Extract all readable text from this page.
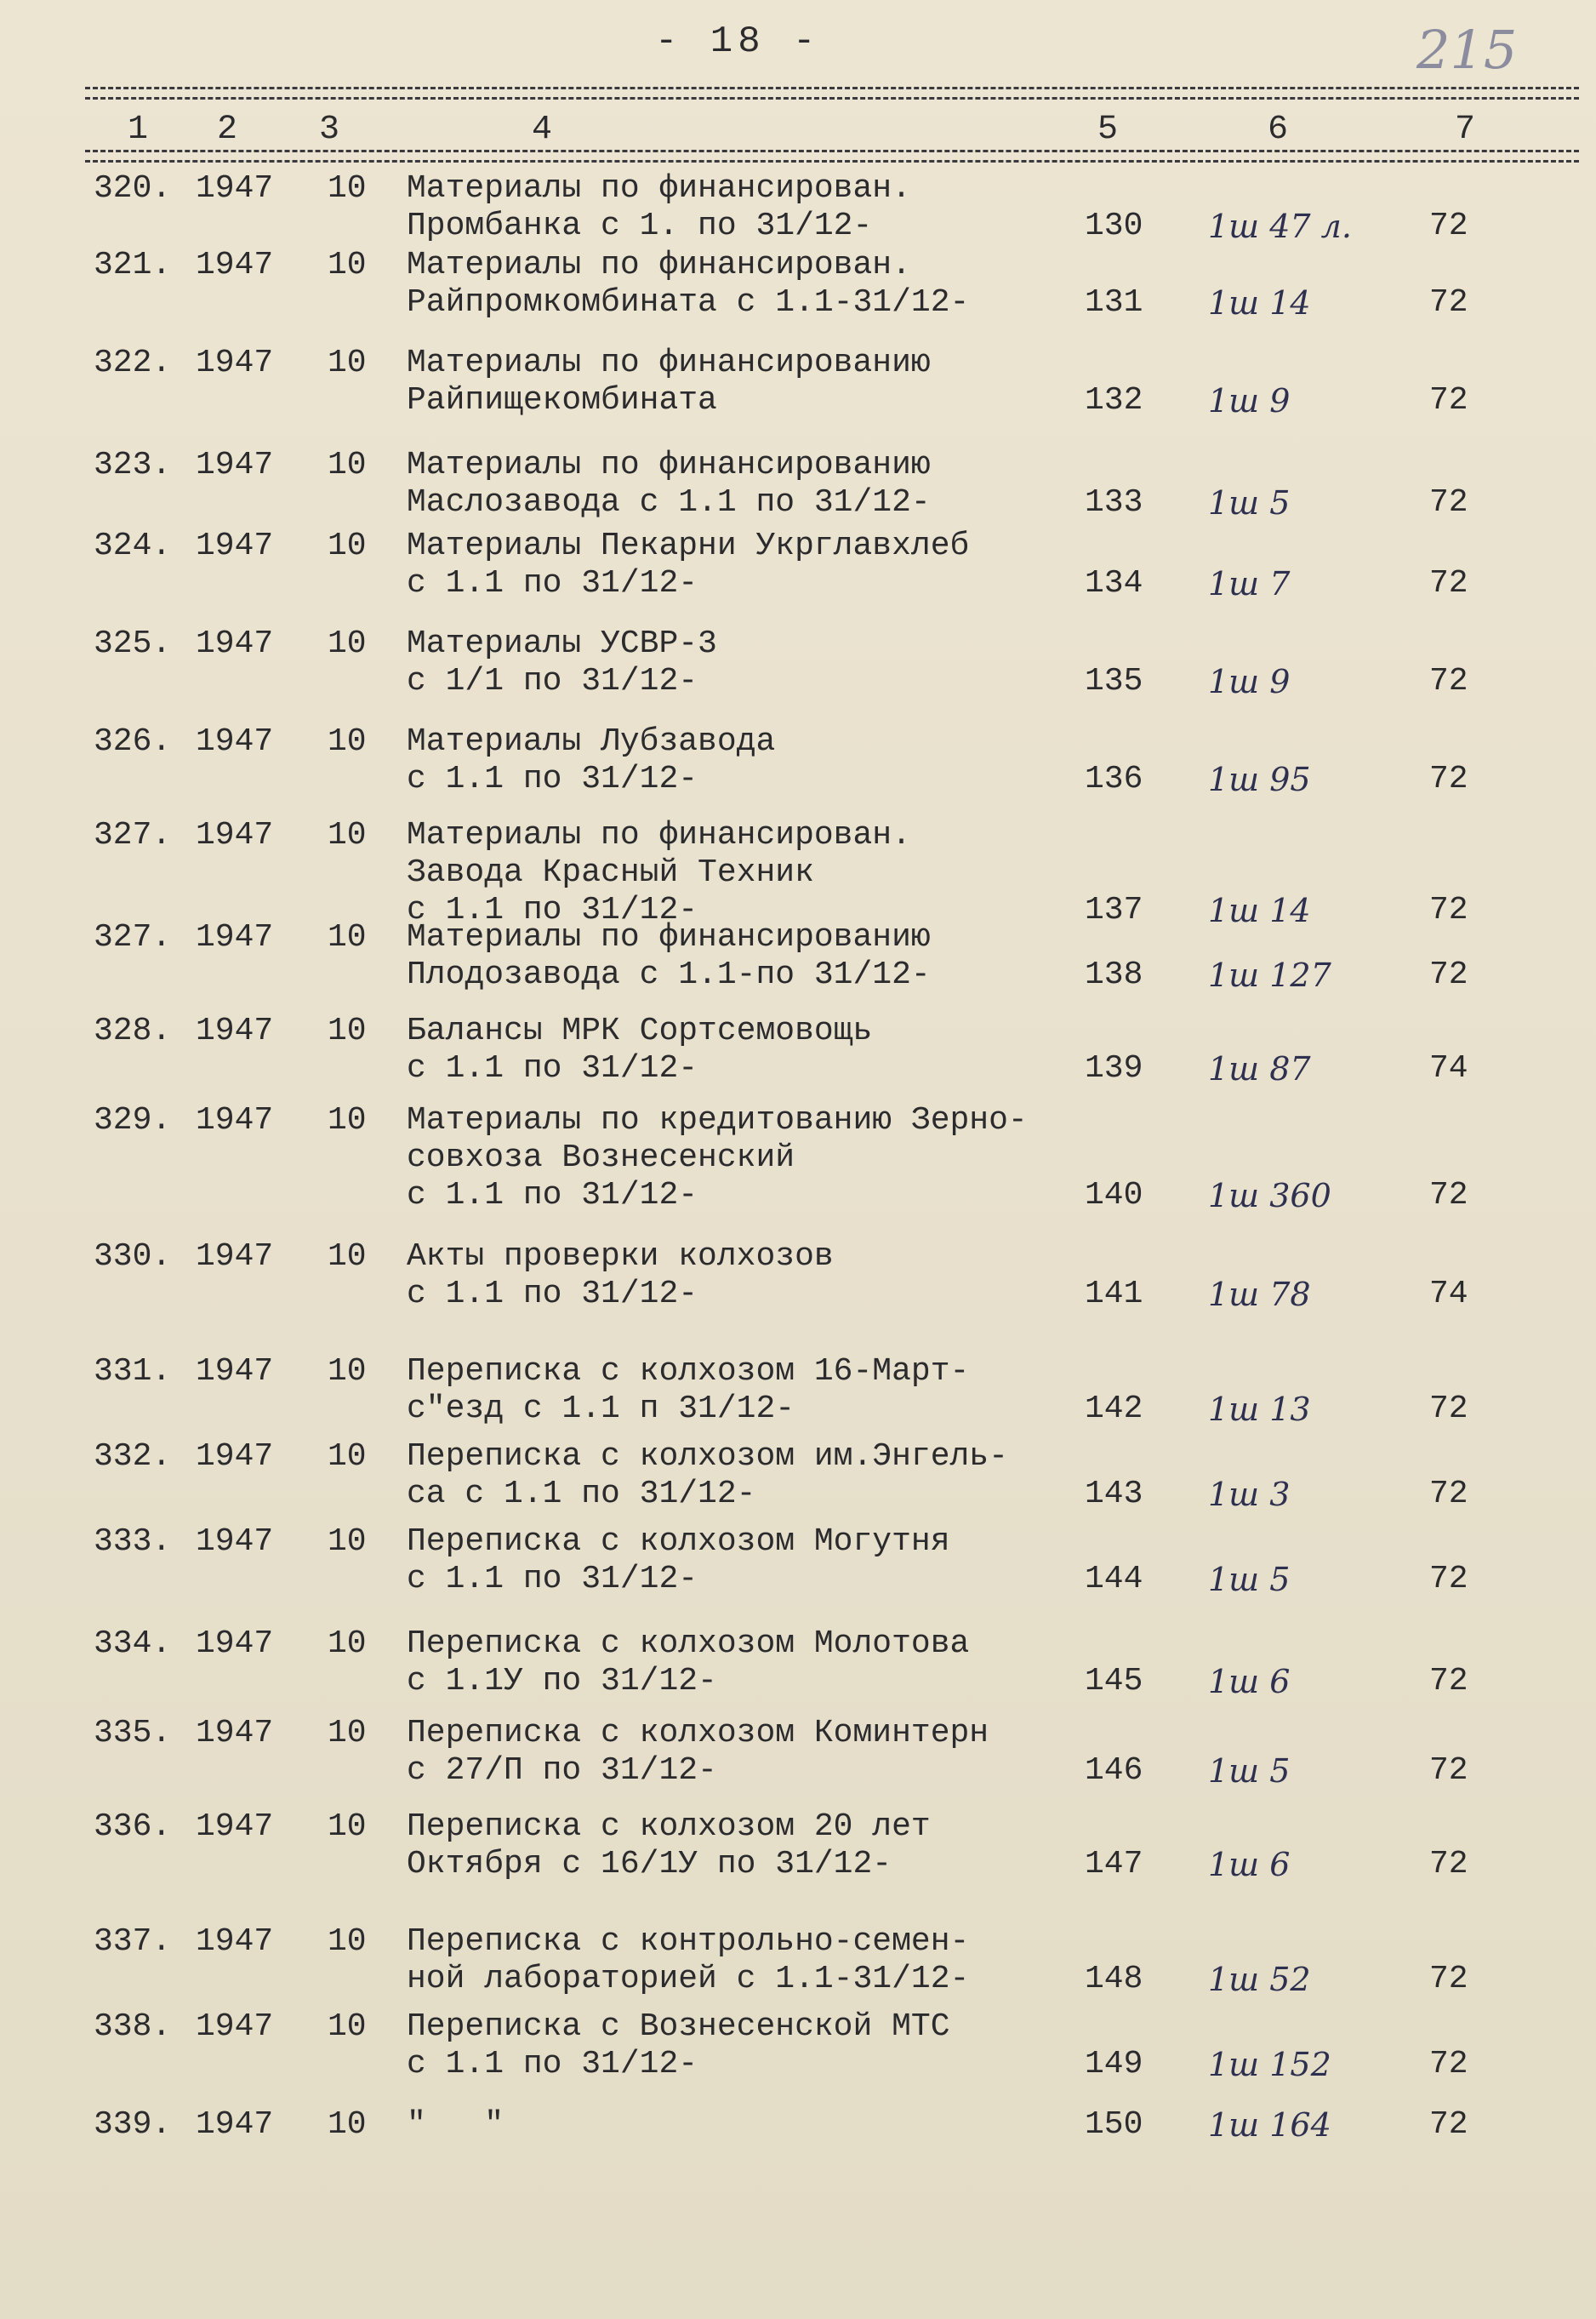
- 18 -	215
1 2 3	4	5	6	7
320. 1947 10 Материалы по финансирован.
Промбанка с 1. по 31/12-	130 1ш 47 л. 72
321. 1947 10 Материалы по финансирован.
Райпромкомбината с 1.1-31/12-	131 1ш 14	72
322. 1947 10 Материалы по финансированию
Райпищекомбината	132 1ш 9	72
323. 1947 10 Материалы по финансированию
Маслозавода с 1.1 по 31/12-	133 1ш 5	72
324. 1947 10 Материалы Пекарни Укрглавхлеб
с 1.1 по 31/12-	134 1ш 7	72
325. 1947 10 Материалы УСВР-3
с 1/1 по 31/12-	135 1ш 9	72
326. 1947 10 Материалы Лубзавода
с 1.1 по 31/12-	136 1ш 95	72
327. 1947 10 Материалы по финансирован.
Завода Красный Техник
с 1.1 по 31/12-	137 1ш 14	72
327. 1947 10 Материалы по финансированию
Плодозавода с 1.1-по 31/12-	138 1ш 127	72
328. 1947 10 Балансы МРК Сортсемовощь
с 1.1 по 31/12-	139 1ш 87	74
329. 1947 10 Материалы по кредитованию Зерно-
совхоза Вознесенский
с 1.1 по 31/12-	140 1ш 360	72
330. 1947 10 Акты проверки колхозов
с 1.1 по 31/12-	141 1ш 78	74
331. 1947 10 Переписка с колхозом 16-Март-
с"езд с 1.1 п 31/12-	142 1ш 13	72
332. 1947 10 Переписка с колхозом им.Энгель-
са с 1.1 по 31/12-	143 1ш 3	72
333. 1947 10 Переписка с колхозом Могутня
с 1.1 по 31/12-	144 1ш 5	72
334. 1947 10 Переписка с колхозом Молотова
с 1.1У по 31/12-	145 1ш 6	72
335. 1947 10 Переписка с колхозом Коминтерн
с 27/П по 31/12-	146 1ш 5	72
336. 1947 10 Переписка с колхозом 20 лет
Октября с 16/1У по 31/12-	147 1ш 6	72
337. 1947 10 Переписка с контрольно-семен-
ной лабораторией с 1.1-31/12-	148 1ш 52	72
338. 1947 10 Переписка с Вознесенской МТС
с 1.1 по 31/12-	149 1ш 152	72
339. 1947 10 "   "	150 1ш 164	72
